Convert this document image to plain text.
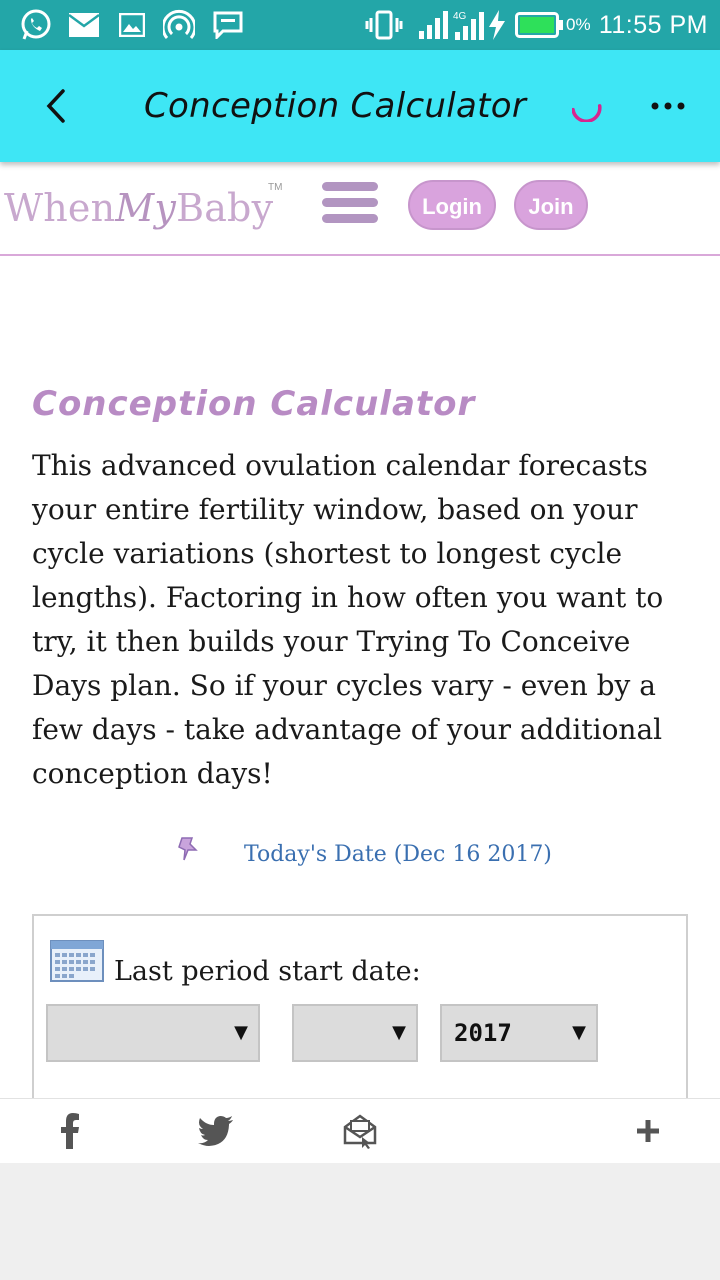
4G	0% 11:55 PM
Conception Calculator
WhenMyBaby
TM
Login	Join
Conception Calculator

This advanced ovulation calendar forecasts your entire fertility window, based on your cycle variations (shortest to longest cycle lengths). Factoring in how often you want to try, it then builds your Trying To Conceive Days plan. So if your cycles vary - even by a few days - take advantage of your additional conception days!

Today's Date (Dec 16 2017)
Last period start date:
▼	▼ 2017	▼
